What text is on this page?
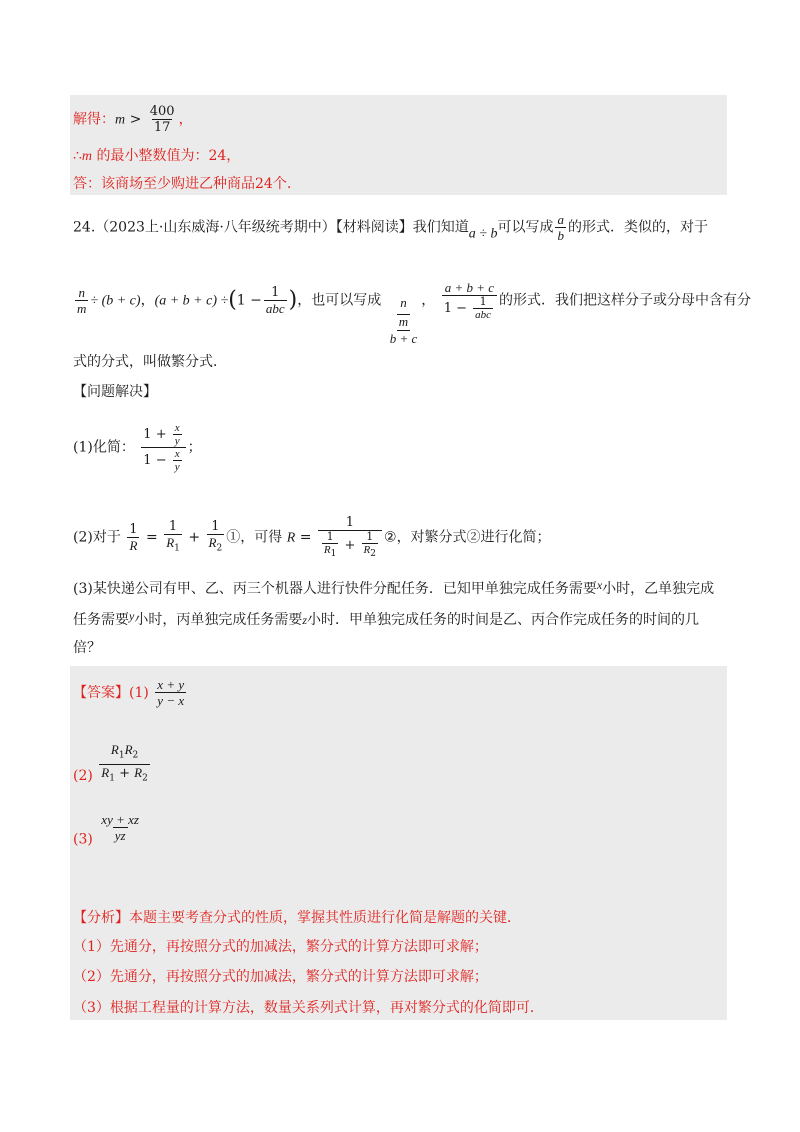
解得：$m > \frac{400}{17}$ ，
∴m 的最小整数值为：24，
答：该商场至少购进乙种商品24个.
24.（2023上·山东威海·八年级统考期中）【材料阅读】我们知道a ÷ b可以写成 $\frac{a}{b}$ 的形式．类似的，对于
$\frac{n}{m} \div (b + c)$，$(a + b + c) \div(1 - \frac{1}{\text{abc}}$ )，也可以写成 n
m
b + c
， $\frac{a + b + c}{1 - \frac{1}{\text{abc}}}$ 的形式．我们把这样分子或分母中含有分
式的分式，叫做繁分式．
【问题解决】
(1)化简： $\frac{1 + \frac{x}{y}}{1 - \frac{x}{y}}$ ；
(2)对于 $\frac{1}{R} = \frac{1}{R_1} + \frac{1}{R_2}$ ①，可得 $R = \frac{1}{\frac{1}{R_1} + \frac{1}{R_2}}$ ②，对繁分式②进行化简；
(3)某快递公司有甲、乙、丙三个机器人进行快件分配任务．已知甲单独完成任务需要x小时，乙单独完成
任务需要y小时，丙单独完成任务需要z小时．甲单独完成任务的时间是乙、丙合作完成任务的时间的几
倍？
【答案】$(1) \frac{x + y}{y - x}$
$(2) \frac{R_1R_2}{R_1 + R_2}$
$(3) \frac{xy + xz}{yz}$
【分析】本题主要考查分式的性质，掌握其性质进行化简是解题的关键．
（1）先通分，再按照分式的加减法，繁分式的计算方法即可求解；
（2）先通分，再按照分式的加减法，繁分式的计算方法即可求解；
（3）根据工程量的计算方法，数量关系列式计算，再对繁分式的化简即可．
